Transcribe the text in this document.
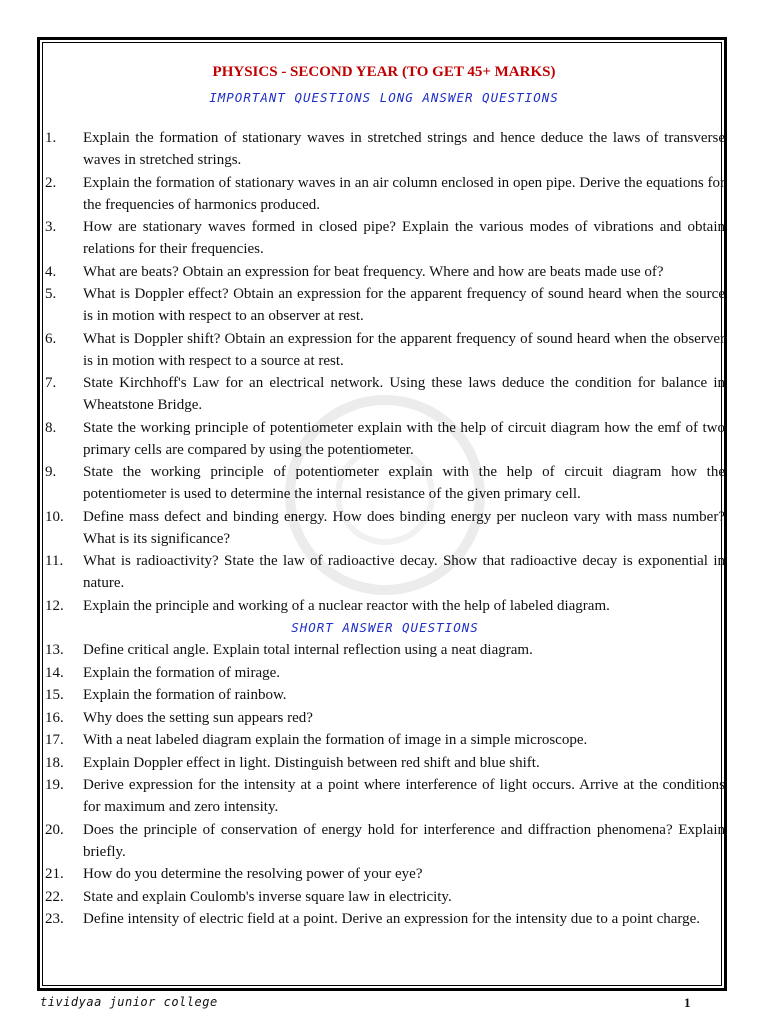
PHYSICS - SECOND YEAR (TO GET 45+ MARKS)
IMPORTANT QUESTIONS LONG ANSWER QUESTIONS
1.	Explain the formation of stationary waves in stretched strings and hence deduce the laws of transverse waves in stretched strings.
2.	Explain the formation of stationary waves in an air column enclosed in open pipe. Derive the equations for the frequencies of harmonics produced.
3.	How are stationary waves formed in closed pipe? Explain the various modes of vibrations and obtain relations for their frequencies.
4.	What are beats? Obtain an expression for beat frequency. Where and how are beats made use of?
5.	What is Doppler effect? Obtain an expression for the apparent frequency of sound heard when the source is in motion with respect to an observer at rest.
6.	What is Doppler shift? Obtain an expression for the apparent frequency of sound heard when the observer is in motion with respect to a source at rest.
7.	State Kirchhoff's Law for an electrical network. Using these laws deduce the condition for balance in Wheatstone Bridge.
8.	State the working principle of potentiometer explain with the help of circuit diagram how the emf of two primary cells are compared by using the potentiometer.
9.	State the working principle of potentiometer explain with the help of circuit diagram how the potentiometer is used to determine the internal resistance of the given primary cell.
10.	Define mass defect and binding energy. How does binding energy per nucleon vary with mass number? What is its significance?
11.	What is radioactivity? State the law of radioactive decay. Show that radioactive decay is exponential in nature.
12.	Explain the principle and working of a nuclear reactor with the help of labeled diagram.
SHORT ANSWER QUESTIONS
13.	Define critical angle. Explain total internal reflection using a neat diagram.
14.	Explain the formation of mirage.
15.	Explain the formation of rainbow.
16.	Why does the setting sun appears red?
17.	With a neat labeled diagram explain the formation of image in a simple microscope.
18.	Explain Doppler effect in light. Distinguish between red shift and blue shift.
19.	Derive expression for the intensity at a point where interference of light occurs. Arrive at the conditions for maximum and zero intensity.
20.	Does the principle of conservation of energy hold for interference and diffraction phenomena? Explain briefly.
21.	How do you determine the resolving power of your eye?
22.	State and explain Coulomb's inverse square law in electricity.
23.	Define intensity of electric field at a point. Derive an expression for the intensity due to a point charge.
tividyaa junior college	1
